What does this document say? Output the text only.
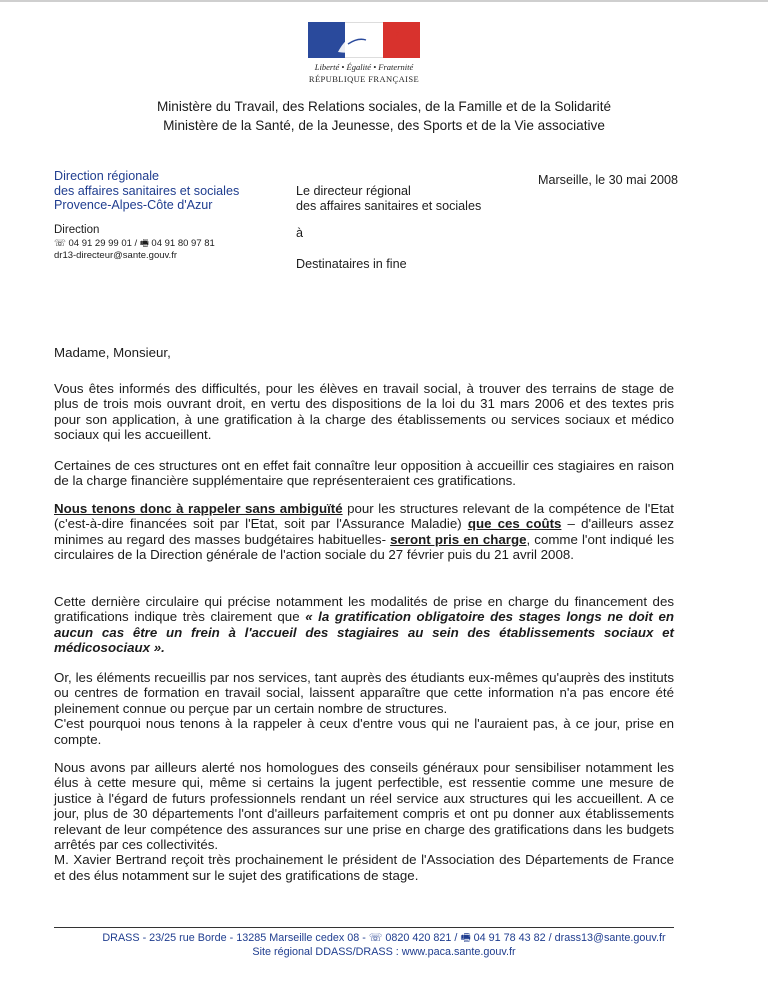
2
Liberté • Égalité • Fraternité
RÉPUBLIQUE FRANÇAISE
Ministère du Travail, des Relations sociales, de la Famille et de la Solidarité
Ministère de la Santé, de la Jeunesse, des Sports et de la Vie associative
Direction régionale
des affaires sanitaires et sociales
Provence-Alpes-Côte d'Azur
Direction
☏ 04 91 29 99 01 / 🖷 04 91 80 97 81
dr13-directeur@sante.gouv.fr
Le directeur régional
des affaires sanitaires et sociales
à
Destinataires in fine
Marseille, le 30 mai 2008
Madame, Monsieur,

Vous êtes informés des difficultés, pour les élèves en travail social, à trouver des terrains de stage de plus de trois mois ouvrant droit, en vertu des dispositions de la loi du 31 mars 2006 et des textes pris pour son application, à une gratification à la charge des établissements ou services sociaux et médico sociaux qui les accueillent.

Certaines de ces structures ont en effet fait connaître leur opposition à accueillir ces stagiaires en raison de la charge financière supplémentaire que représenteraient ces gratifications.

Nous tenons donc à rappeler sans ambiguïté pour les structures relevant de la compétence de l'Etat (c'est-à-dire financées soit par l'Etat, soit par l'Assurance Maladie) que ces coûts – d'ailleurs assez minimes au regard des masses budgétaires habituelles- seront pris en charge, comme l'ont indiqué les circulaires de la Direction générale de l'action sociale du 27 février puis du 21 avril 2008.

Cette dernière circulaire qui précise notamment les modalités de prise en charge du financement des gratifications indique très clairement que « la gratification obligatoire des stages longs ne doit en aucun cas être un frein à l'accueil des stagiaires au sein des établissements sociaux et médicosociaux ».

Or, les éléments recueillis par nos services, tant auprès des étudiants eux-mêmes qu'auprès des instituts ou centres de formation en travail social, laissent apparaître que cette information n'a pas encore été pleinement connue ou perçue par un certain nombre de structures.

C'est pourquoi nous tenons à la rappeler à ceux d'entre vous qui ne l'auraient pas, à ce jour, prise en compte.

Nous avons par ailleurs alerté nos homologues des conseils généraux pour sensibiliser notamment les élus à cette mesure qui, même si certains la jugent perfectible, est ressentie comme une mesure de justice à l'égard de futurs professionnels rendant un réel service aux structures qui les accueillent. A ce jour, plus de 30 départements l'ont d'ailleurs parfaitement compris et ont pu donner aux établissements relevant de leur compétence des assurances sur une prise en charge des gratifications dans les budgets arrêtés par ces collectivités.

M. Xavier Bertrand reçoit très prochainement le président de l'Association des Départements de France et des élus notamment sur le sujet des gratifications de stage.

DRASS - 23/25 rue Borde - 13285 Marseille cedex 08 - ☏ 0820 420 821 / 🖷 04 91 78 43 82 / drass13@sante.gouv.fr
Site régional DDASS/DRASS : www.paca.sante.gouv.fr
